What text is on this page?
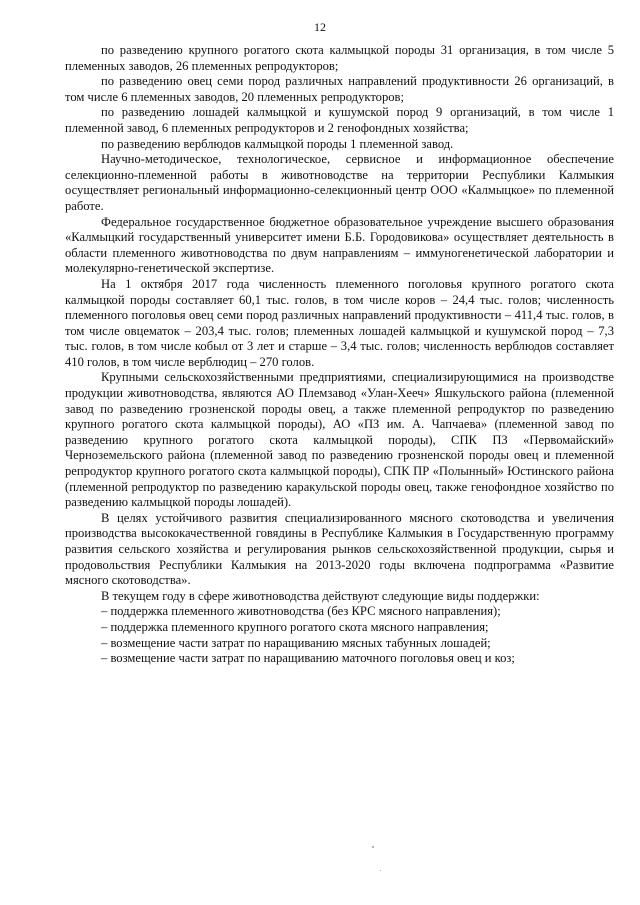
12

по разведению крупного рогатого скота калмыцкой породы 31 организация, в том числе 5 племенных заводов, 26 племенных репродукторов;

по разведению овец семи пород различных направлений продуктивности 26 организаций, в том числе 6 племенных заводов, 20 племенных репродукторов;

по разведению лошадей калмыцкой и кушумской пород 9 организаций, в том числе 1 племенной завод, 6 племенных репродукторов и 2 генофондных хозяйства;

по разведению верблюдов калмыцкой породы 1 племенной завод.

Научно-методическое, технологическое, сервисное и информационное обеспечение селекционно-племенной работы в животноводстве на территории Республики Калмыкия осуществляет региональный информационно-селекционный центр ООО «Калмыцкое» по племенной работе.

Федеральное государственное бюджетное образовательное учреждение высшего образования «Калмыцкий государственный университет имени Б.Б. Городовикова» осуществляет деятельность в области племенного животноводства по двум направлениям – иммуногенетической лаборатории и молекулярно-генетической экспертизе.

На 1 октября 2017 года численность племенного поголовья крупного рогатого скота калмыцкой породы составляет 60,1 тыс. голов, в том числе коров – 24,4 тыс. голов; численность племенного поголовья овец семи пород различных направлений продуктивности – 411,4 тыс. голов, в том числе овцематок – 203,4 тыс. голов; племенных лошадей калмыцкой и кушумской пород – 7,3 тыс. голов, в том числе кобыл от 3 лет и старше – 3,4 тыс. голов; численность верблюдов составляет 410 голов, в том числе верблюдиц – 270 голов.

Крупными сельскохозяйственными предприятиями, специализирующимися на производстве продукции животноводства, являются АО Племзавод «Улан-Хееч» Яшкульского района (племенной завод по разведению грозненской породы овец, а также племенной репродуктор по разведению крупного рогатого скота калмыцкой породы), АО «ПЗ им. А. Чапчаева» (племенной завод по разведению крупного рогатого скота калмыцкой породы), СПК ПЗ «Первомайский» Черноземельского района (племенной завод по разведению грозненской породы овец и племенной репродуктор крупного рогатого скота калмыцкой породы), СПК ПР «Полынный» Юстинского района (племенной репродуктор по разведению каракульской породы овец, также генофондное хозяйство по разведению калмыцкой породы лошадей).

В целях устойчивого развития специализированного мясного скотоводства и увеличения производства высококачественной говядины в Республике Калмыкия в Государственную программу развития сельского хозяйства и регулирования рынков сельскохозяйственной продукции, сырья и продовольствия Республики Калмыкия на 2013-2020 годы включена подпрограмма «Развитие мясного скотоводства».

В текущем году в сфере животноводства действуют следующие виды поддержки:

– поддержка племенного животноводства (без КРС мясного направления);

– поддержка племенного крупного рогатого скота мясного направления;

– возмещение части затрат по наращиванию мясных табунных лошадей;

– возмещение части затрат по наращиванию маточного поголовья овец и коз;
